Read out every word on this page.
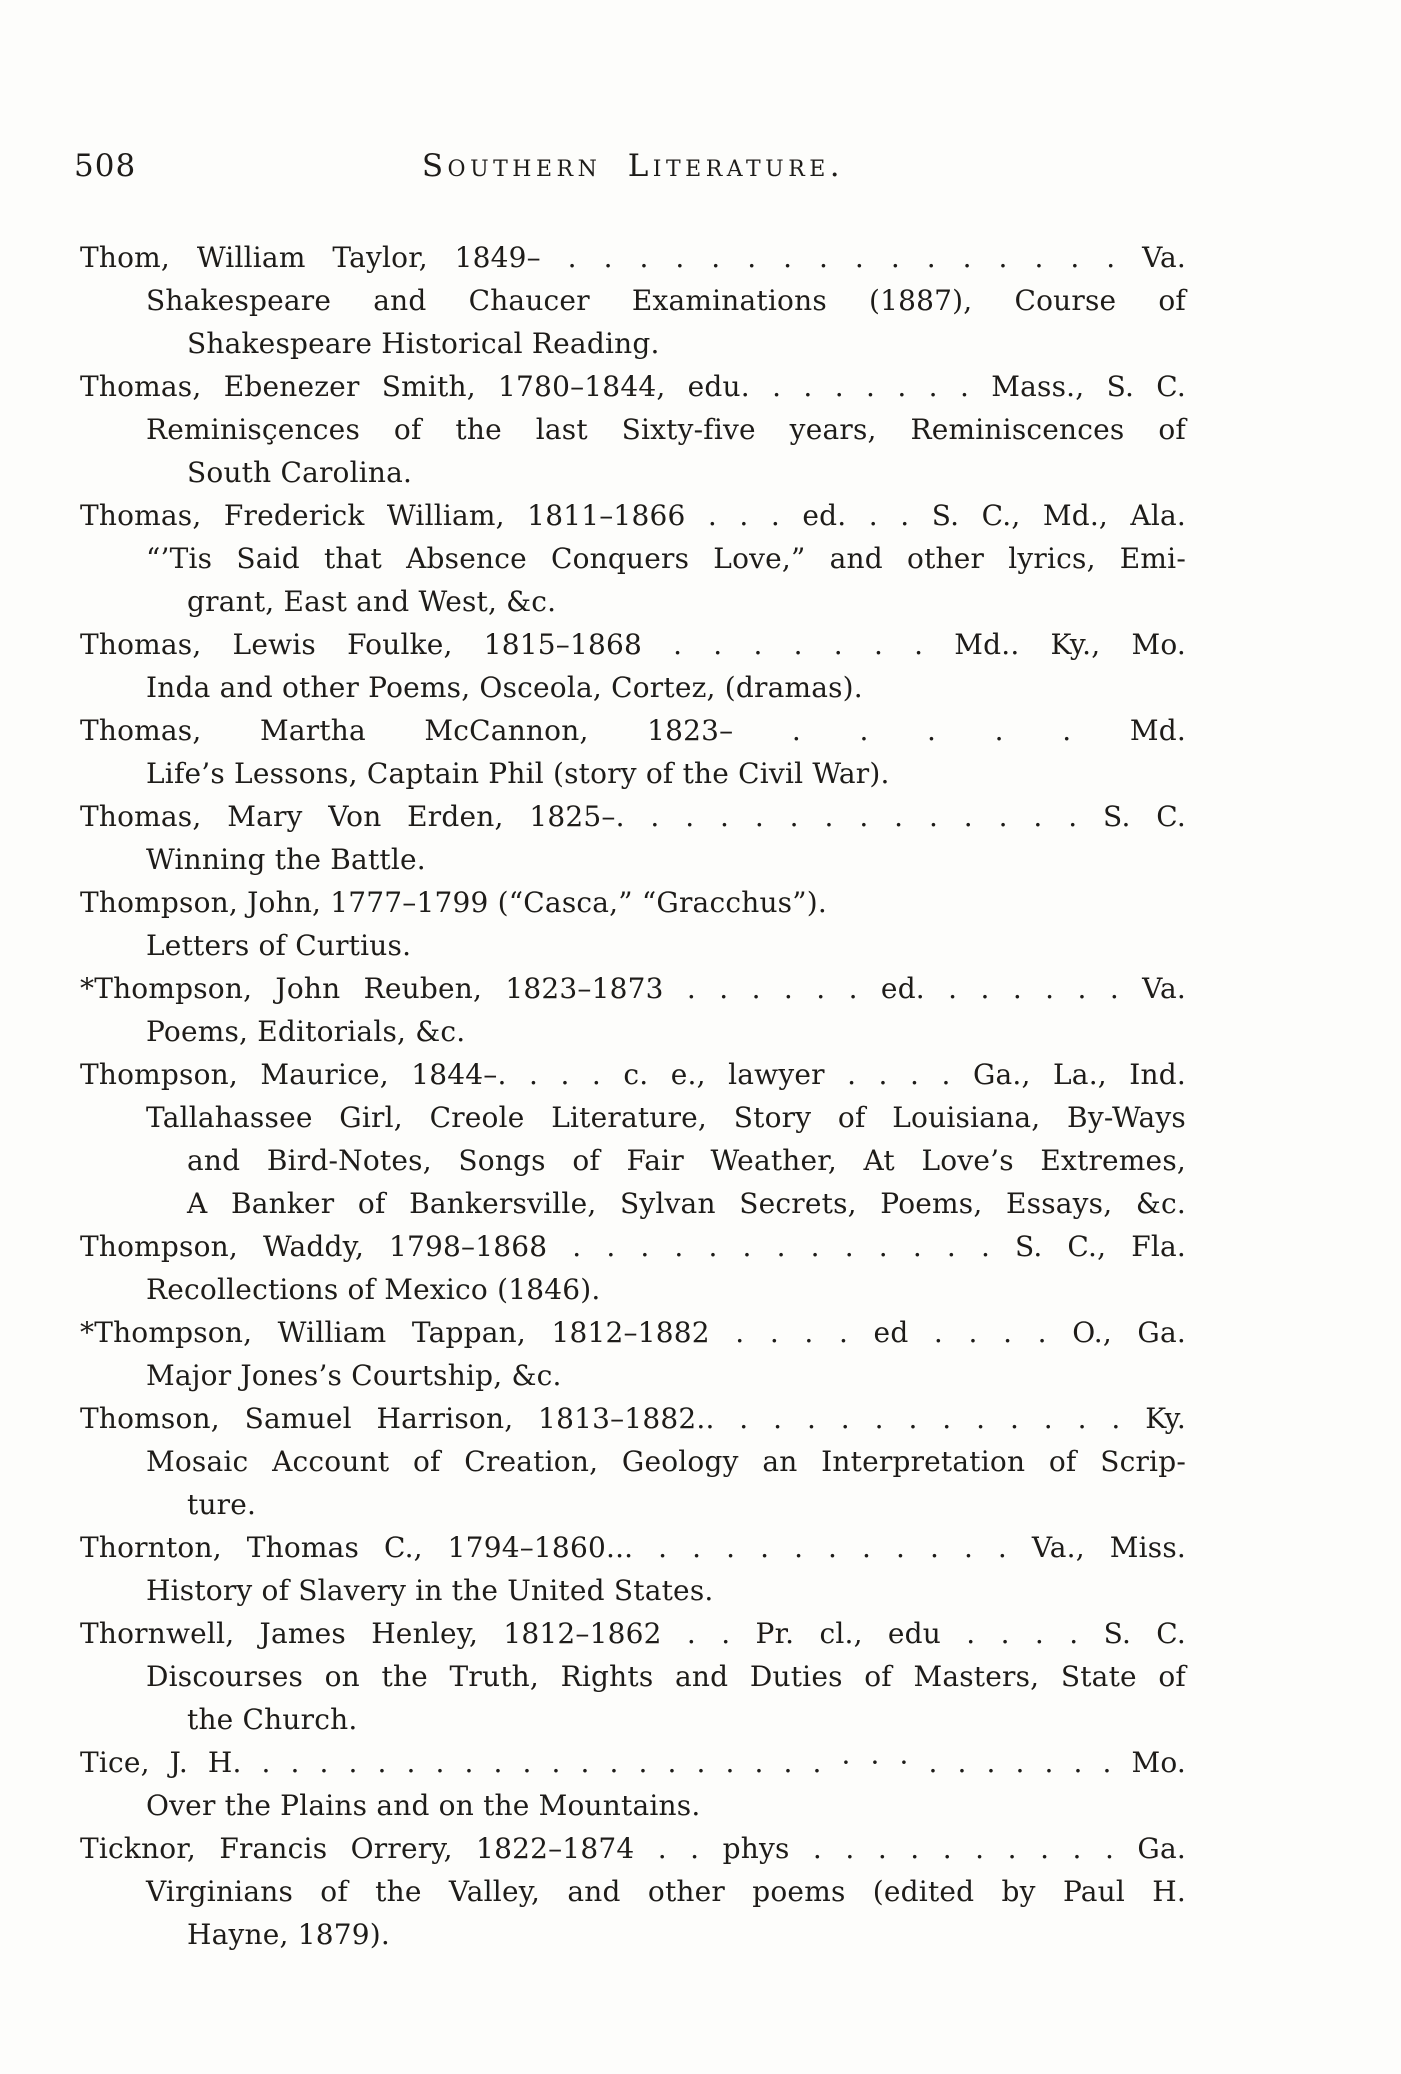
508	Southern Literature.
Thom, William Taylor, 1849– . . . . . . . . . . . . . . . . Va.
Shakespeare and Chaucer Examinations (1887), Course of
Shakespeare Historical Reading.
Thomas, Ebenezer Smith, 1780–1844, edu. . . . . . . . Mass., S. C.
Reminisçences of the last Sixty-five years, Reminiscences of
South Carolina.
Thomas, Frederick William, 1811–1866 . . . ed. . . S. C., Md., Ala.
“’Tis Said that Absence Conquers Love,” and other lyrics, Emi-
grant, East and West, &c.
Thomas, Lewis Foulke, 1815–1868 . . . . . . . Md.. Ky., Mo.
Inda and other Poems, Osceola, Cortez, (dramas).
Thomas, Martha McCannon, 1823– . . . . . Md.
Life’s Lessons, Captain Phil (story of the Civil War).
Thomas, Mary Von Erden, 1825–. . . . . . . . . . . . . . S. C.
Winning the Battle.
Thompson, John, 1777–1799 (“Casca,” “Gracchus”).
Letters of Curtius.
*Thompson, John Reuben, 1823–1873 . . . . . . ed. . . . . . . Va.
Poems, Editorials, &c.
Thompson, Maurice, 1844–. . . . c. e., lawyer . . . . Ga., La., Ind.
Tallahassee Girl, Creole Literature, Story of Louisiana, By-Ways
and Bird-Notes, Songs of Fair Weather, At Love’s Extremes,
A Banker of Bankersville, Sylvan Secrets, Poems, Essays, &c.
Thompson, Waddy, 1798–1868 . . . . . . . . . . . . . S. C., Fla.
Recollections of Mexico (1846).
*Thompson, William Tappan, 1812–1882 . . . . ed . . . . O., Ga.
Major Jones’s Courtship, &c.
Thomson, Samuel Harrison, 1813–1882.. . . . . . . . . . . . . Ky.
Mosaic Account of Creation, Geology an Interpretation of Scrip-
ture.
Thornton, Thomas C., 1794–1860... . . . . . . . . . . . Va., Miss.
History of Slavery in the United States.
Thornwell, James Henley, 1812–1862 . . Pr. cl., edu . . . . S. C.
Discourses on the Truth, Rights and Duties of Masters, State of
the Church.
Tice, J. H. . . . . . . . . . . . . . . . . . . . . · · · . . . . . . . Mo.
Over the Plains and on the Mountains.
Ticknor, Francis Orrery, 1822–1874 . . phys . . . . . . . . . . Ga.
Virginians of the Valley, and other poems (edited by Paul H.
Hayne, 1879).
